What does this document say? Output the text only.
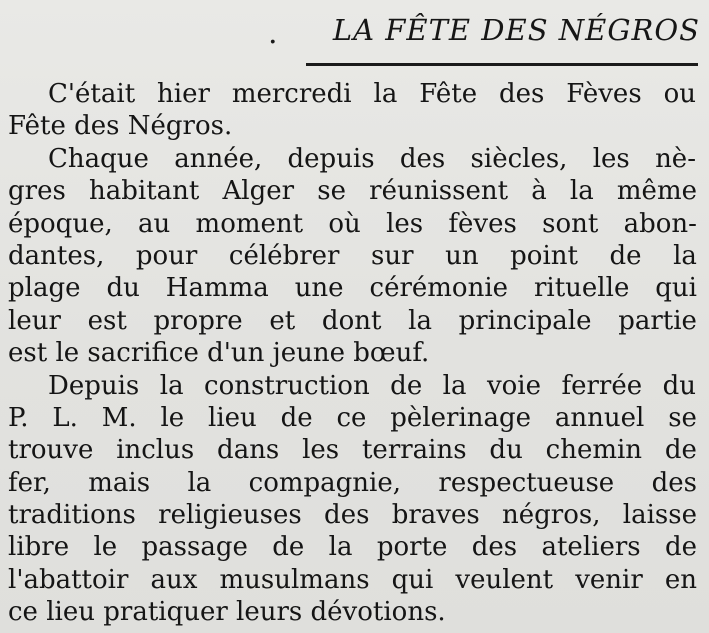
.	LA FÊTE DES NÉGROS
C'était hier mercredi la Fête des Fèves ou
Fête des Négros.
Chaque année, depuis des siècles, les nè-
gres habitant Alger se réunissent à la même
époque, au moment où les fèves sont abon-
dantes, pour célébrer sur un point de la
plage du Hamma une cérémonie rituelle qui
leur est propre et dont la principale partie
est le sacrifice d'un jeune bœuf.
Depuis la construction de la voie ferrée du
P. L. M. le lieu de ce pèlerinage annuel se
trouve inclus dans les terrains du chemin de
fer, mais la compagnie, respectueuse des
traditions religieuses des braves négros, laisse
libre le passage de la porte des ateliers de
l'abattoir aux musulmans qui veulent venir en
ce lieu pratiquer leurs dévotions.
